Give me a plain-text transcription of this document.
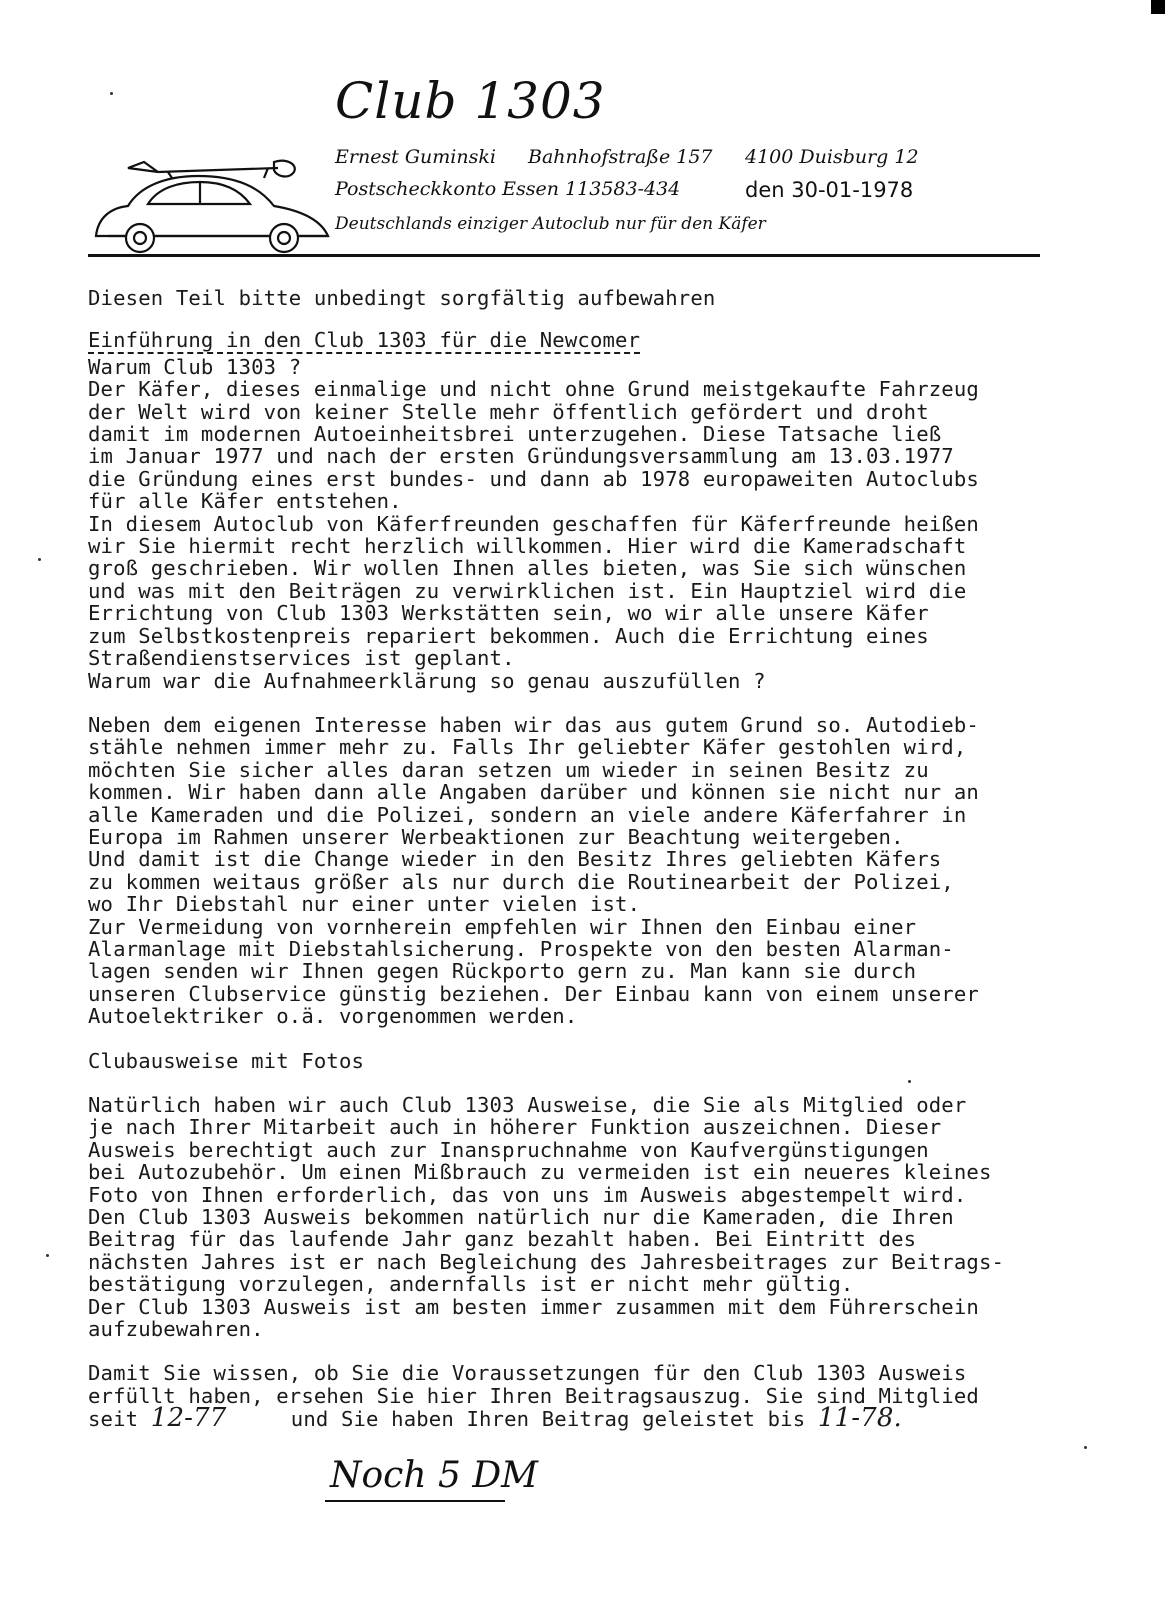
Club 1303
Ernest Guminski Bahnhofstraße 157 4100 Duisburg 12
Postscheckkonto Essen 113583-434	den 30-01-1978
Deutschlands einziger Autoclub nur für den Käfer

Diesen Teil bitte unbedingt sorgfältig aufbewahren

Einführung in den Club 1303 für die Newcomer

Warum Club 1303 ?

Der Käfer, dieses einmalige und nicht ohne Grund meistgekaufte Fahrzeug

der Welt wird von keiner Stelle mehr öffentlich gefördert und droht

damit im modernen Autoeinheitsbrei unterzugehen. Diese Tatsache ließ

im Januar 1977 und nach der ersten Gründungsversammlung am 13.03.1977

die Gründung eines erst bundes- und dann ab 1978 europaweiten Autoclubs

für alle Käfer entstehen.

In diesem Autoclub von Käferfreunden geschaffen für Käferfreunde heißen

wir Sie hiermit recht herzlich willkommen. Hier wird die Kameradschaft

groß geschrieben. Wir wollen Ihnen alles bieten, was Sie sich wünschen

und was mit den Beiträgen zu verwirklichen ist. Ein Hauptziel wird die

Errichtung von Club 1303 Werkstätten sein, wo wir alle unsere Käfer

zum Selbstkostenpreis repariert bekommen. Auch die Errichtung eines

Straßendienstservices ist geplant.

Warum war die Aufnahmeerklärung so genau auszufüllen ?

Neben dem eigenen Interesse haben wir das aus gutem Grund so. Autodieb-

stähle nehmen immer mehr zu. Falls Ihr geliebter Käfer gestohlen wird,

möchten Sie sicher alles daran setzen um wieder in seinen Besitz zu

kommen. Wir haben dann alle Angaben darüber und können sie nicht nur an

alle Kameraden und die Polizei, sondern an viele andere Käferfahrer in

Europa im Rahmen unserer Werbeaktionen zur Beachtung weitergeben.

Und damit ist die Change wieder in den Besitz Ihres geliebten Käfers

zu kommen weitaus größer als nur durch die Routinearbeit der Polizei,

wo Ihr Diebstahl nur einer unter vielen ist.

Zur Vermeidung von vornherein empfehlen wir Ihnen den Einbau einer

Alarmanlage mit Diebstahlsicherung. Prospekte von den besten Alarman-

lagen senden wir Ihnen gegen Rückporto gern zu. Man kann sie durch

unseren Clubservice günstig beziehen. Der Einbau kann von einem unserer

Autoelektriker o.ä. vorgenommen werden.

Clubausweise mit Fotos

Natürlich haben wir auch Club 1303 Ausweise, die Sie als Mitglied oder

je nach Ihrer Mitarbeit auch in höherer Funktion auszeichnen. Dieser

Ausweis berechtigt auch zur Inanspruchnahme von Kaufvergünstigungen

bei Autozubehör. Um einen Mißbrauch zu vermeiden ist ein neueres kleines

Foto von Ihnen erforderlich, das von uns im Ausweis abgestempelt wird.

Den Club 1303 Ausweis bekommen natürlich nur die Kameraden, die Ihren

Beitrag für das laufende Jahr ganz bezahlt haben. Bei Eintritt des

nächsten Jahres ist er nach Begleichung des Jahresbeitrages zur Beitrags-

bestätigung vorzulegen, andernfalls ist er nicht mehr gültig.

Der Club 1303 Ausweis ist am besten immer zusammen mit dem Führerschein

aufzubewahren.

Damit Sie wissen, ob Sie die Voraussetzungen für den Club 1303 Ausweis

erfüllt haben, ersehen Sie hier Ihren Beitragsauszug. Sie sind Mitglied

seit 12-77	und Sie haben Ihren Beitrag geleistet bis 11-78.

Noch 5 DM
